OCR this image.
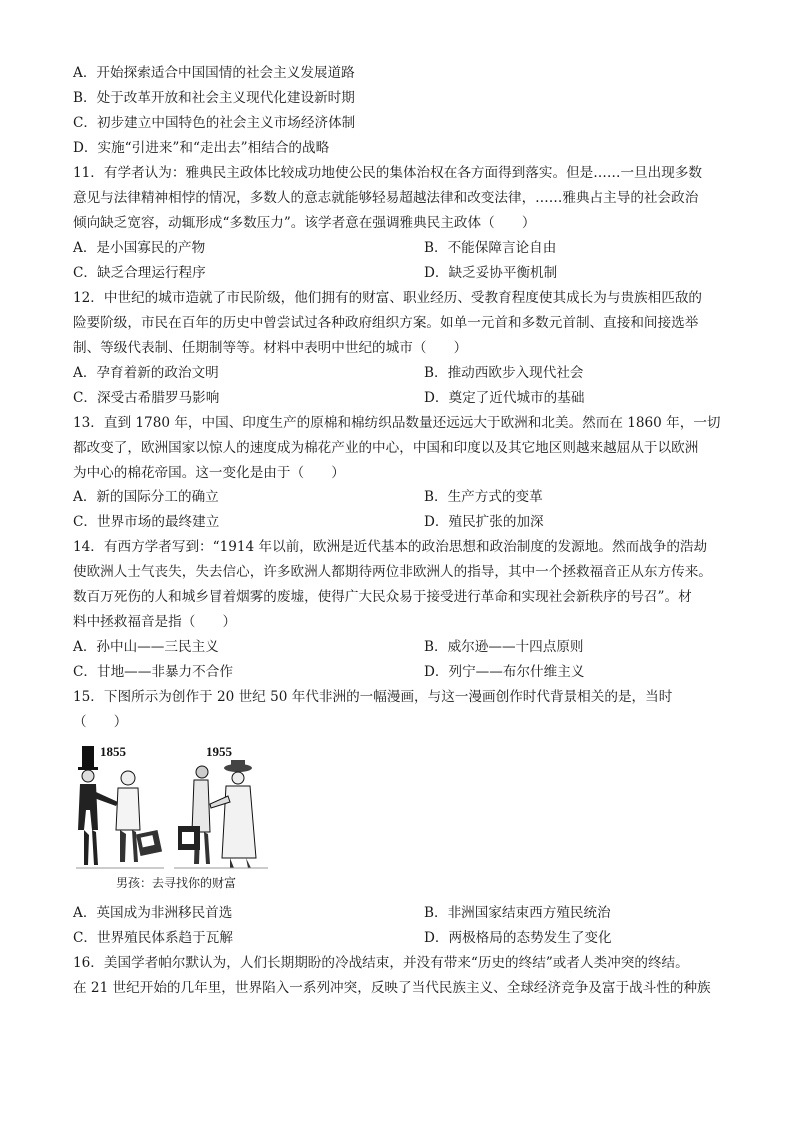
A．开始探索适合中国国情的社会主义发展道路
B．处于改革开放和社会主义现代化建设新时期
C．初步建立中国特色的社会主义市场经济体制
D．实施“引进来”和“走出去”相结合的战略
11．有学者认为：雅典民主政体比较成功地使公民的集体治权在各方面得到落实。但是……一旦出现多数
意见与法律精神相悖的情况，多数人的意志就能够轻易超越法律和改变法律，……雅典占主导的社会政治
倾向缺乏宽容，动辄形成“多数压力”。该学者意在强调雅典民主政体（　　）
A．是小国寡民的产物	B．不能保障言论自由
C．缺乏合理运行程序	D．缺乏妥协平衡机制
12．中世纪的城市造就了市民阶级，他们拥有的财富、职业经历、受教育程度使其成长为与贵族相匹敌的
险要阶级，市民在百年的历史中曾尝试过各种政府组织方案。如单一元首和多数元首制、直接和间接选举
制、等级代表制、任期制等等。材料中表明中世纪的城市（　　）
A．孕育着新的政治文明	B．推动西欧步入现代社会
C．深受古希腊罗马影响	D．奠定了近代城市的基础
13．直到 1780 年，中国、印度生产的原棉和棉纺织品数量还远远大于欧洲和北美。然而在 1860 年，一切
都改变了，欧洲国家以惊人的速度成为棉花产业的中心，中国和印度以及其它地区则越来越屈从于以欧洲
为中心的棉花帝国。这一变化是由于（　　）
A．新的国际分工的确立	B．生产方式的变革
C．世界市场的最终建立	D．殖民扩张的加深
14．有西方学者写到：“1914 年以前，欧洲是近代基本的政治思想和政治制度的发源地。然而战争的浩劫
使欧洲人士气丧失，失去信心，许多欧洲人都期待两位非欧洲人的指导，其中一个拯救福音正从东方传来。
数百万死伤的人和城乡冒着烟雾的废墟，使得广大民众易于接受进行革命和实现社会新秩序的号召”。材
料中拯救福音是指（　　）
A．孙中山——三民主义	B．威尔逊——十四点原则
C．甘地——非暴力不合作	D．列宁——布尔什维主义
15．下图所示为创作于 20 世纪 50 年代非洲的一幅漫画，与这一漫画创作时代背景相关的是，当时
（　　）
1855	1955
男孩：去寻找你的财富
A．英国成为非洲移民首选	B．非洲国家结束西方殖民统治
C．世界殖民体系趋于瓦解	D．两极格局的态势发生了变化
16．美国学者帕尔默认为，人们长期期盼的冷战结束，并没有带来“历史的终结”或者人类冲突的终结。
在 21 世纪开始的几年里，世界陷入一系列冲突，反映了当代民族主义、全球经济竞争及富于战斗性的种族
